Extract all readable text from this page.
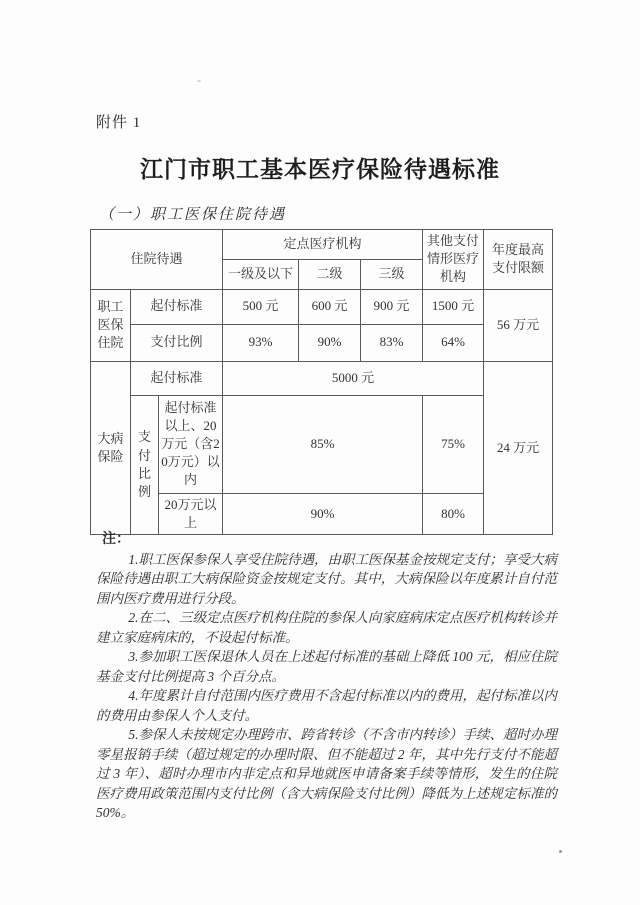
附件 1
江门市职工基本医疗保险待遇标准
（一）职工医保住院待遇
住院待遇			定点医疗机构			其他支付情形医疗机构	年度最高支付限额
			一级及以下	二级	三级		
职工医保住院	起付标准		500 元	600 元	900 元	1500 元	56 万元
	支付比例		93%	90%	83%	64%	
大病保险	起付标准		5000 元				24 万元
	支付比例	起付标准以上、20万元（含20万元）以内	85%			75%	
		20万元以上	90%			80%	

注：

1.职工医保参保人享受住院待遇，由职工医保基金按规定支付；享受大病保险待遇由职工大病保险资金按规定支付。其中，大病保险以年度累计自付范围内医疗费用进行分段。

2.在二、三级定点医疗机构住院的参保人向家庭病床定点医疗机构转诊并建立家庭病床的，不设起付标准。

3.参加职工医保退休人员在上述起付标准的基础上降低 100 元，相应住院基金支付比例提高 3 个百分点。

4.年度累计自付范围内医疗费用不含起付标准以内的费用，起付标准以内的费用由参保人个人支付。

5.参保人未按规定办理跨市、跨省转诊（不含市内转诊）手续、超时办理零星报销手续（超过规定的办理时限、但不能超过 2 年，其中先行支付不能超过 3 年）、超时办理市内非定点和异地就医申请备案手续等情形，发生的住院医疗费用政策范围内支付比例（含大病保险支付比例）降低为上述规定标准的 50%。
